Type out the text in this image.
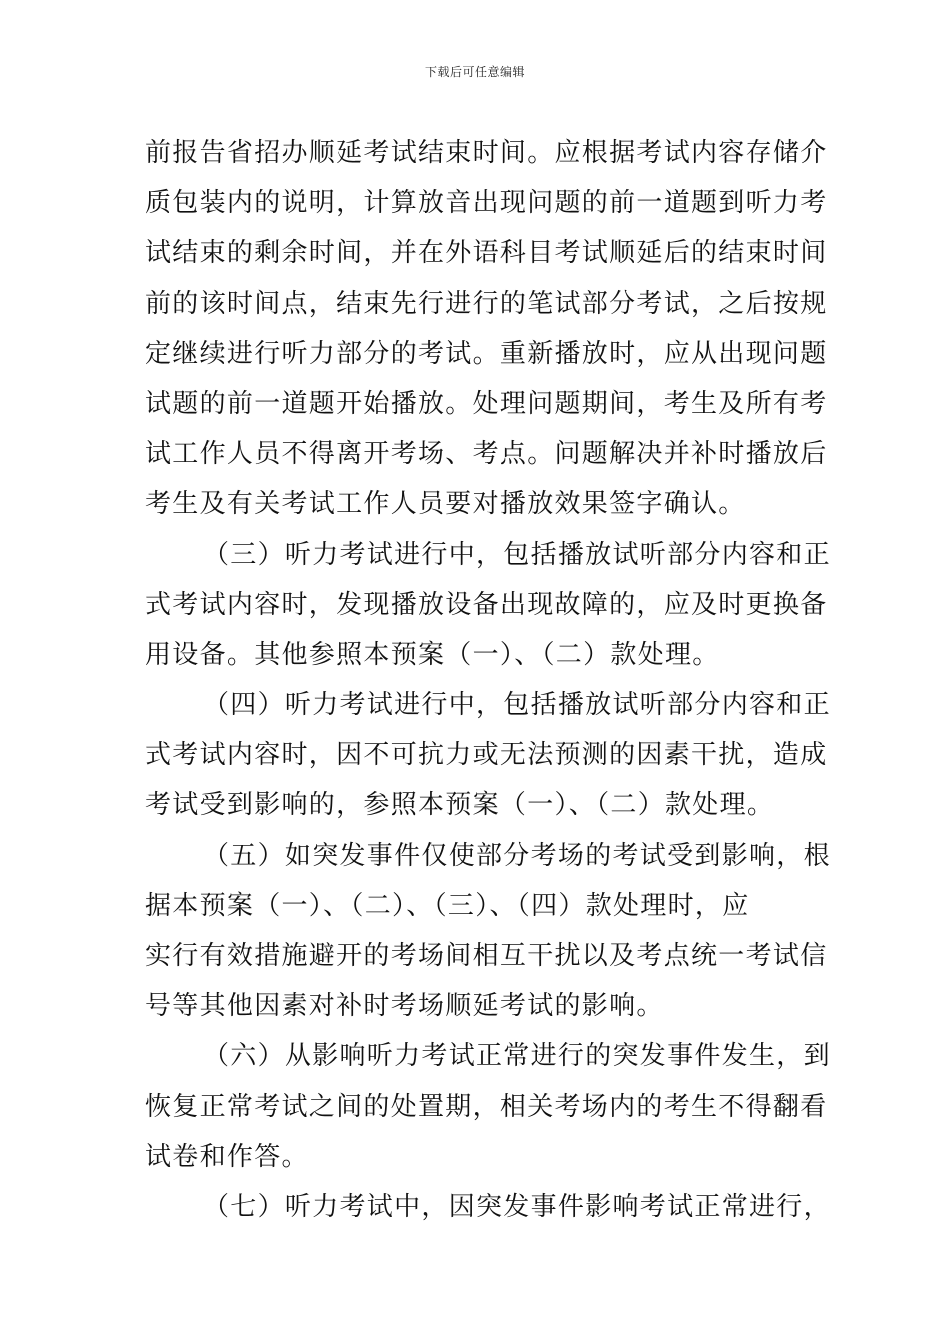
下载后可任意编辑
前报告省招办顺延考试结束时间。应根据考试内容存储介
质包装内的说明，计算放音出现问题的前一道题到听力考
试结束的剩余时间，并在外语科目考试顺延后的结束时间
前的该时间点，结束先行进行的笔试部分考试，之后按规
定继续进行听力部分的考试。重新播放时，应从出现问题
试题的前一道题开始播放。处理问题期间，考生及所有考
试工作人员不得离开考场、考点。问题解决并补时播放后
考生及有关考试工作人员要对播放效果签字确认。
（三）听力考试进行中，包括播放试听部分内容和正
式考试内容时，发现播放设备出现故障的，应及时更换备
用设备。其他参照本预案（一）、（二）款处理。
（四）听力考试进行中，包括播放试听部分内容和正
式考试内容时，因不可抗力或无法预测的因素干扰，造成
考试受到影响的，参照本预案（一）、（二）款处理。
（五）如突发事件仅使部分考场的考试受到影响，根
据本预案（一）、（二）、（三）、（四）款处理时，应
实行有效措施避开的考场间相互干扰以及考点统一考试信
号等其他因素对补时考场顺延考试的影响。
（六）从影响听力考试正常进行的突发事件发生，到
恢复正常考试之间的处置期，相关考场内的考生不得翻看
试卷和作答。
（七）听力考试中，因突发事件影响考试正常进行，
